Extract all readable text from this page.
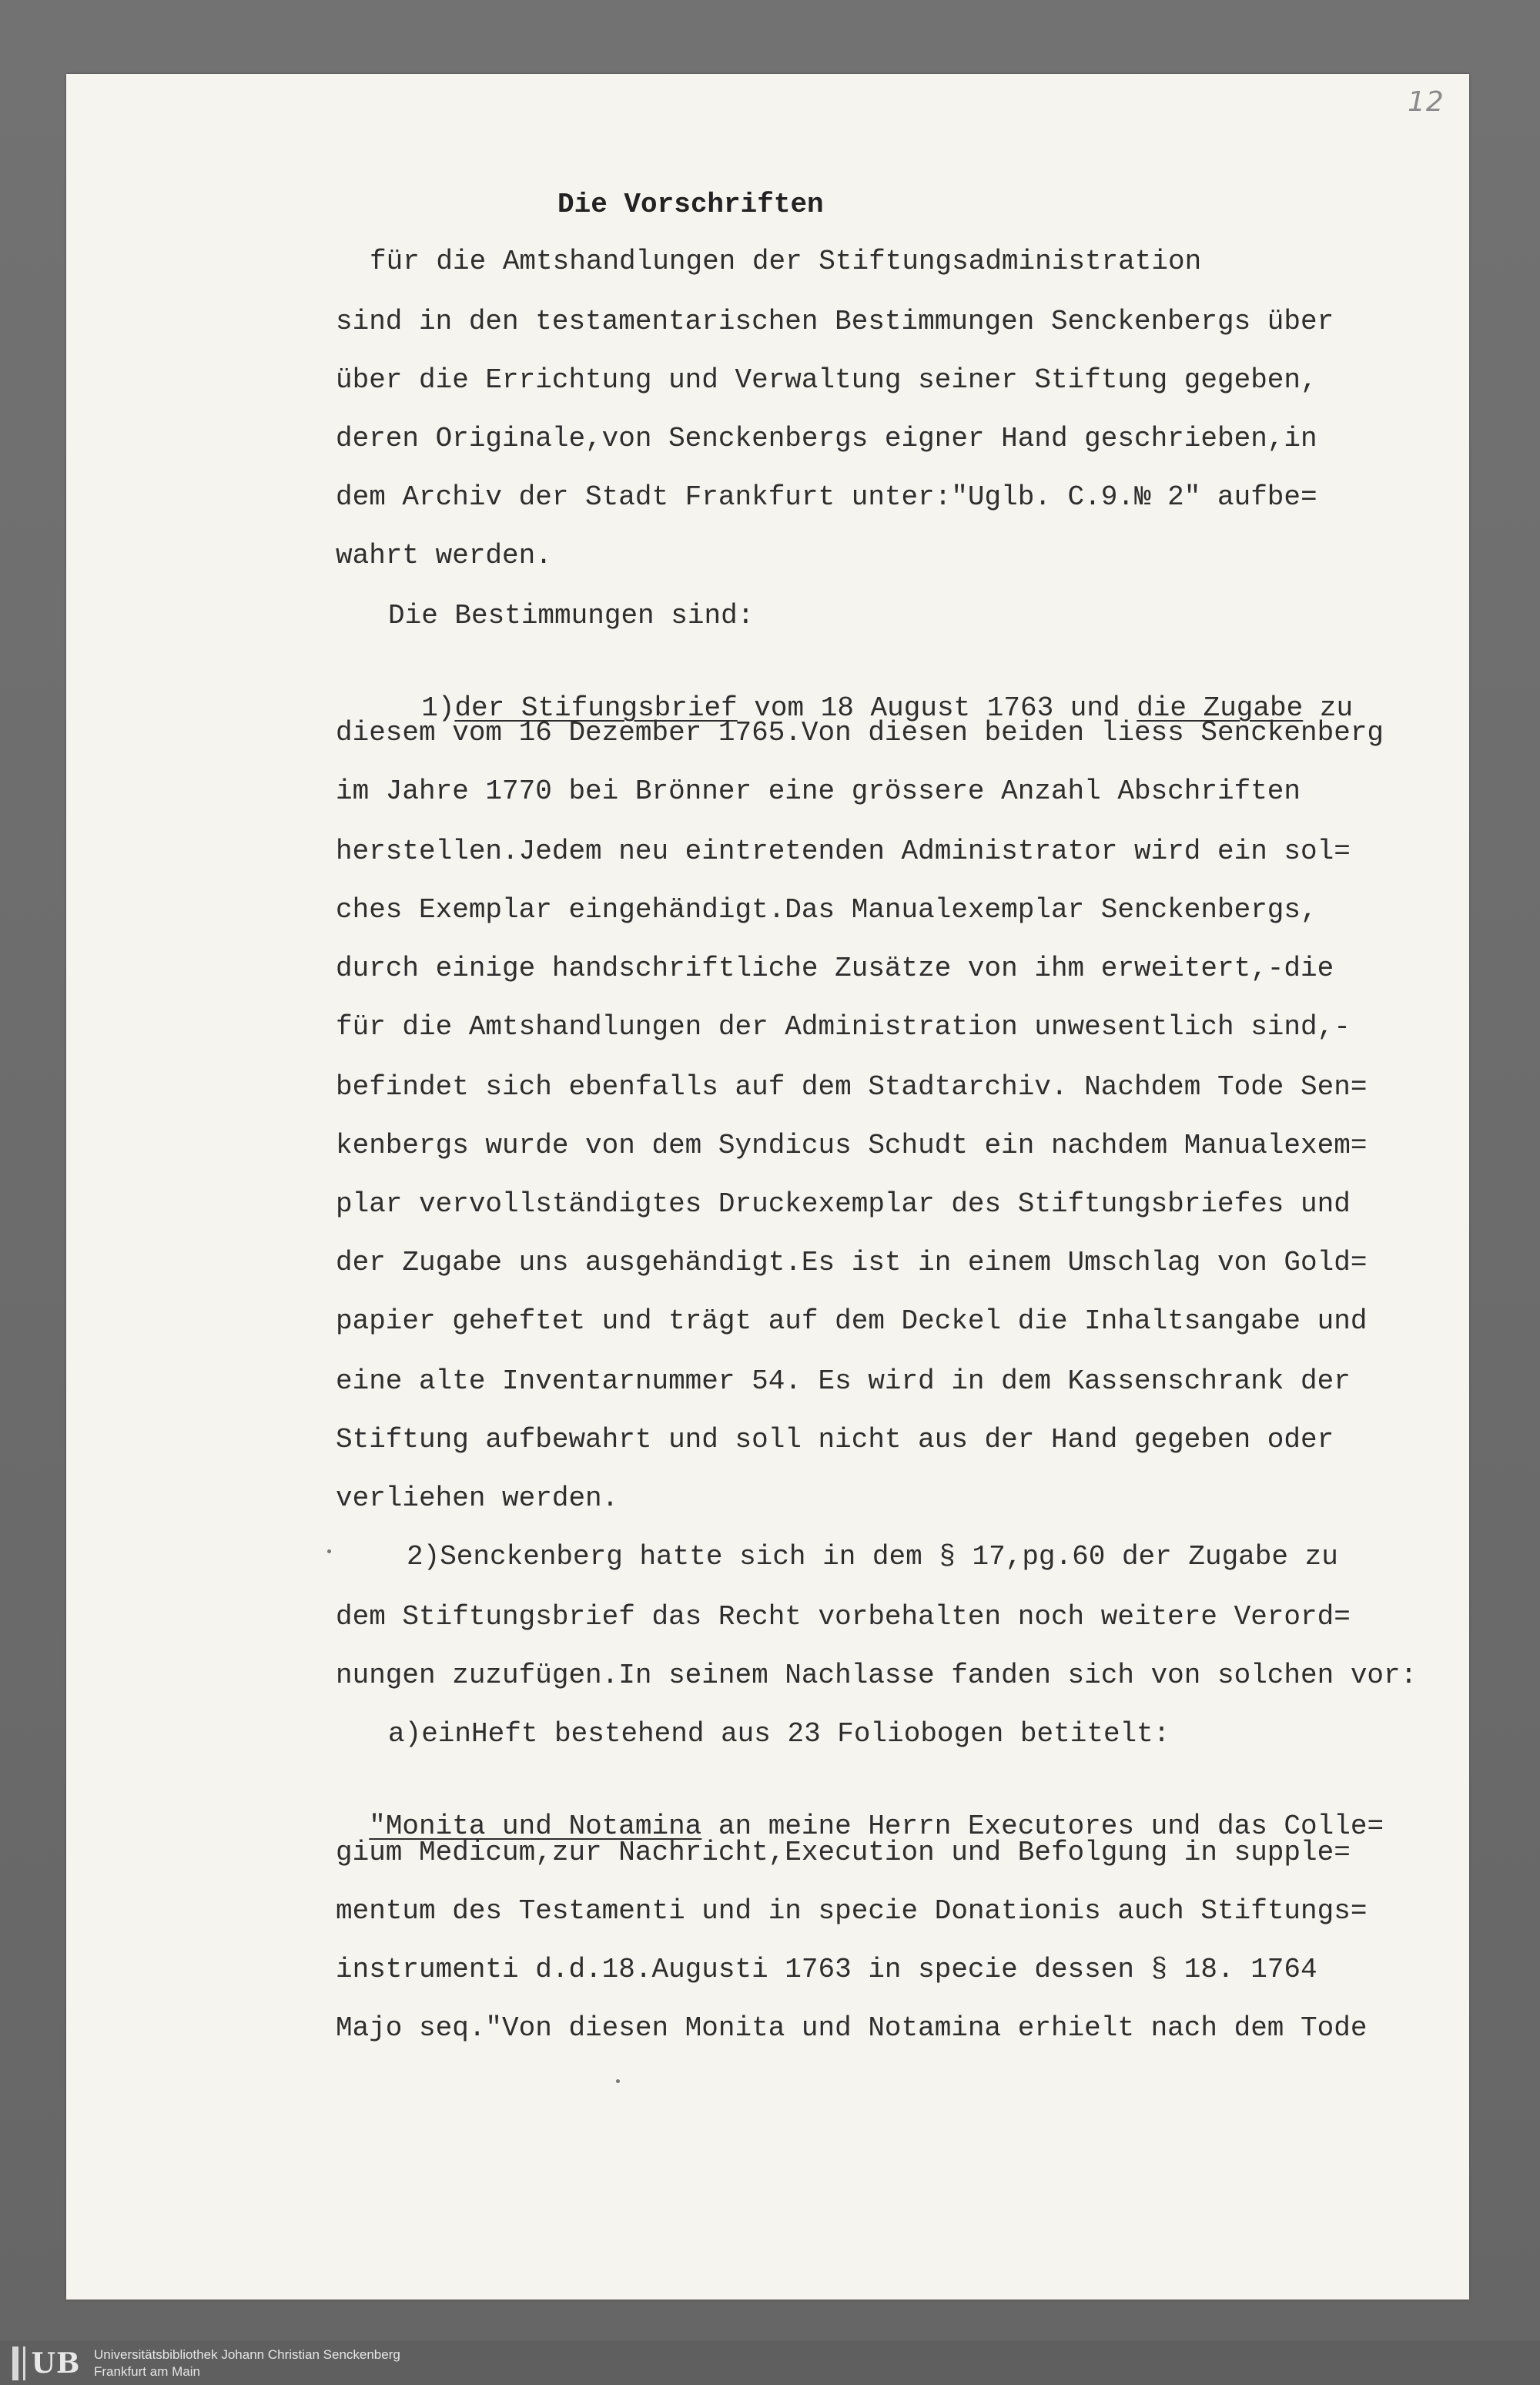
12
Die Vorschriften
für die Amtshandlungen der Stiftungsadministration
sind in den testamentarischen Bestimmungen Senckenbergs über
über die Errichtung und Verwaltung seiner Stiftung gegeben,
deren Originale,von Senckenbergs eigner Hand geschrieben,in
dem Archiv der Stadt Frankfurt unter:"Uglb. C.9.№ 2" aufbe=
wahrt werden.
Die Bestimmungen sind:

1)der Stifungsbrief vom 18 August 1763 und die Zugabe zu

diesem vom 16 Dezember 1765.Von diesen beiden liess Senckenberg
im Jahre 1770 bei Brönner eine grössere Anzahl Abschriften
herstellen.Jedem neu eintretenden Administrator wird ein sol=
ches Exemplar eingehändigt.Das Manualexemplar Senckenbergs,
durch einige handschriftliche Zusätze von ihm erweitert,-die
für die Amtshandlungen der Administration unwesentlich sind,-
befindet sich ebenfalls auf dem Stadtarchiv. Nachdem Tode Sen=
kenbergs wurde von dem Syndicus Schudt ein nachdem Manualexem=
plar vervollständigtes Druckexemplar des Stiftungsbriefes und
der Zugabe uns ausgehändigt.Es ist in einem Umschlag von Gold=
papier geheftet und trägt auf dem Deckel die Inhaltsangabe und
eine alte Inventarnummer 54. Es wird in dem Kassenschrank der
Stiftung aufbewahrt und soll nicht aus der Hand gegeben oder
verliehen werden.
2)Senckenberg hatte sich in dem § 17,pg.60 der Zugabe zu
dem Stiftungsbrief das Recht vorbehalten noch weitere Verord=
nungen zuzufügen.In seinem Nachlasse fanden sich von solchen vor:
a)einHeft bestehend aus 23 Foliobogen betitelt:

"Monita und Notamina an meine Herrn Executores und das Colle=

gium Medicum,zur Nachricht,Execution und Befolgung in supple=
mentum des Testamenti und in specie Donationis auch Stiftungs=
instrumenti d.d.18.Augusti 1763 in specie dessen § 18. 1764
Majo seq."Von diesen Monita und Notamina erhielt nach dem Tode
UB Universitätsbibliothek Johann Christian Senckenberg
Frankfurt am Main
